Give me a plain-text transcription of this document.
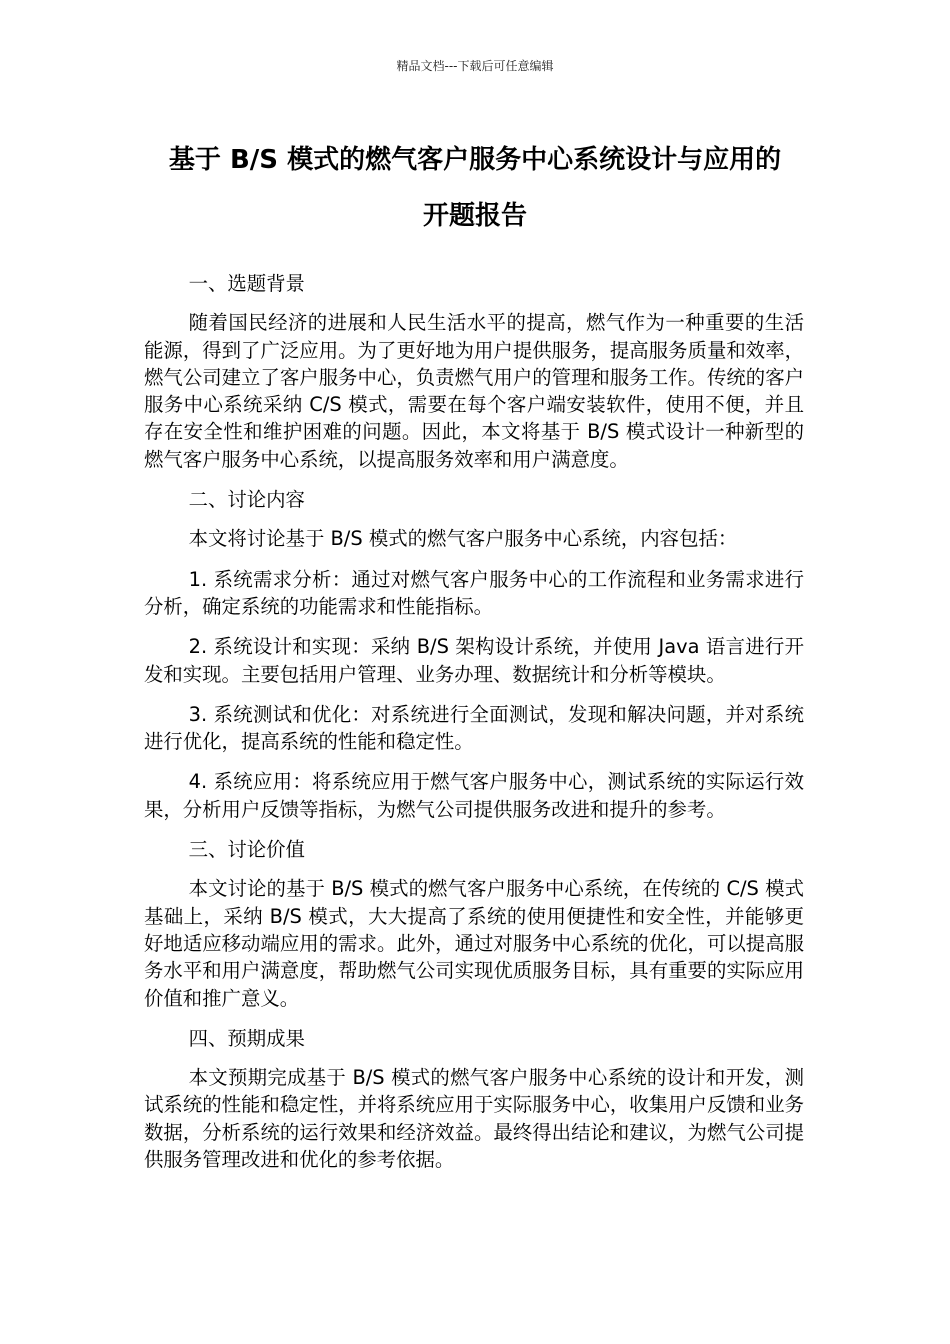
精品文档---下载后可任意编辑
基于 B/S 模式的燃气客户服务中心系统设计与应用的
开题报告

一、选题背景

随着国民经济的进展和人民生活水平的提高，燃气作为一种重要的生活能源，得到了广泛应用。为了更好地为用户提供服务，提高服务质量和效率，燃气公司建立了客户服务中心，负责燃气用户的管理和服务工作。传统的客户服务中心系统采纳 C/S 模式，需要在每个客户端安装软件，使用不便，并且存在安全性和维护困难的问题。因此，本文将基于 B/S 模式设计一种新型的燃气客户服务中心系统，以提高服务效率和用户满意度。

二、讨论内容

本文将讨论基于 B/S 模式的燃气客户服务中心系统，内容包括：

1. 系统需求分析：通过对燃气客户服务中心的工作流程和业务需求进行分析，确定系统的功能需求和性能指标。

2. 系统设计和实现：采纳 B/S 架构设计系统，并使用 Java 语言进行开发和实现。主要包括用户管理、业务办理、数据统计和分析等模块。

3. 系统测试和优化：对系统进行全面测试，发现和解决问题，并对系统进行优化，提高系统的性能和稳定性。

4. 系统应用：将系统应用于燃气客户服务中心，测试系统的实际运行效果，分析用户反馈等指标，为燃气公司提供服务改进和提升的参考。

三、讨论价值

本文讨论的基于 B/S 模式的燃气客户服务中心系统，在传统的 C/S 模式基础上，采纳 B/S 模式，大大提高了系统的使用便捷性和安全性，并能够更好地适应移动端应用的需求。此外，通过对服务中心系统的优化，可以提高服务水平和用户满意度，帮助燃气公司实现优质服务目标，具有重要的实际应用价值和推广意义。

四、预期成果

本文预期完成基于 B/S 模式的燃气客户服务中心系统的设计和开发，测试系统的性能和稳定性，并将系统应用于实际服务中心，收集用户反馈和业务数据，分析系统的运行效果和经济效益。最终得出结论和建议，为燃气公司提供服务管理改进和优化的参考依据。
